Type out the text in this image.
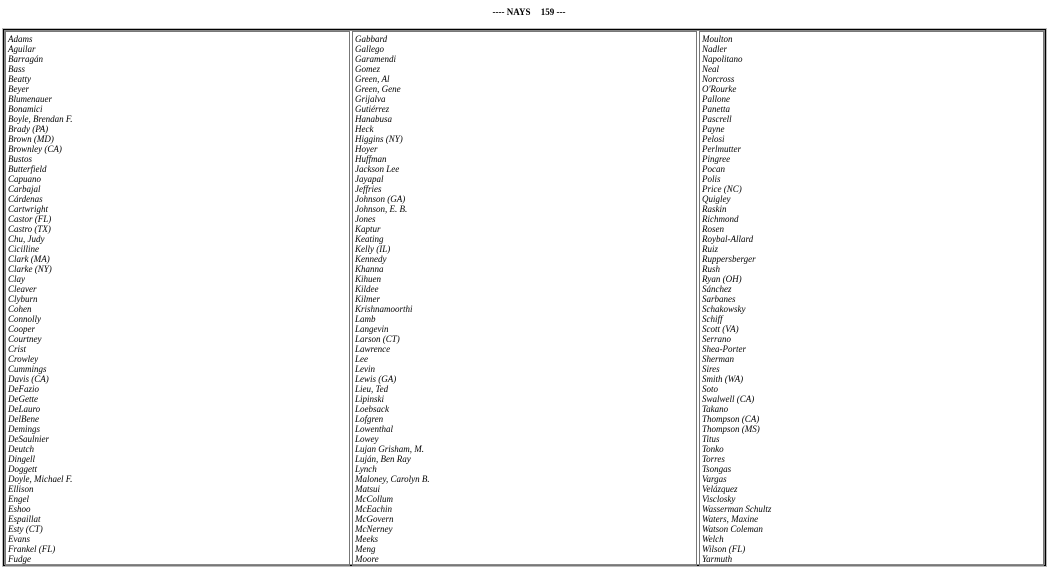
---- NAYS 159 ---
Adams
Aguilar
Barragán
Bass
Beatty
Beyer
Blumenauer
Bonamici
Boyle, Brendan F.
Brady (PA)
Brown (MD)
Brownley (CA)
Bustos
Butterfield
Capuano
Carbajal
Cárdenas
Cartwright
Castor (FL)
Castro (TX)
Chu, Judy
Cicilline
Clark (MA)
Clarke (NY)
Clay
Cleaver
Clyburn
Cohen
Connolly
Cooper
Courtney
Crist
Crowley
Cummings
Davis (CA)
DeFazio
DeGette
DeLauro
DelBene
Demings
DeSaulnier
Deutch
Dingell
Doggett
Doyle, Michael F.
Ellison
Engel
Eshoo
Espaillat
Esty (CT)
Evans
Frankel (FL)
Fudge
Gabbard
Gallego
Garamendi
Gomez
Green, Al
Green, Gene
Grijalva
Gutiérrez
Hanabusa
Heck
Higgins (NY)
Hoyer
Huffman
Jackson Lee
Jayapal
Jeffries
Johnson (GA)
Johnson, E. B.
Jones
Kaptur
Keating
Kelly (IL)
Kennedy
Khanna
Kihuen
Kildee
Kilmer
Krishnamoorthi
Lamb
Langevin
Larson (CT)
Lawrence
Lee
Levin
Lewis (GA)
Lieu, Ted
Lipinski
Loebsack
Lofgren
Lowenthal
Lowey
Lujan Grisham, M.
Luján, Ben Ray
Lynch
Maloney, Carolyn B.
Matsui
McCollum
McEachin
McGovern
McNerney
Meeks
Meng
Moore
Moulton
Nadler
Napolitano
Neal
Norcross
O'Rourke
Pallone
Panetta
Pascrell
Payne
Pelosi
Perlmutter
Pingree
Pocan
Polis
Price (NC)
Quigley
Raskin
Richmond
Rosen
Roybal-Allard
Ruiz
Ruppersberger
Rush
Ryan (OH)
Sánchez
Sarbanes
Schakowsky
Schiff
Scott (VA)
Serrano
Shea-Porter
Sherman
Sires
Smith (WA)
Soto
Swalwell (CA)
Takano
Thompson (CA)
Thompson (MS)
Titus
Tonko
Torres
Tsongas
Vargas
Velázquez
Visclosky
Wasserman Schultz
Waters, Maxine
Watson Coleman
Welch
Wilson (FL)
Yarmuth
